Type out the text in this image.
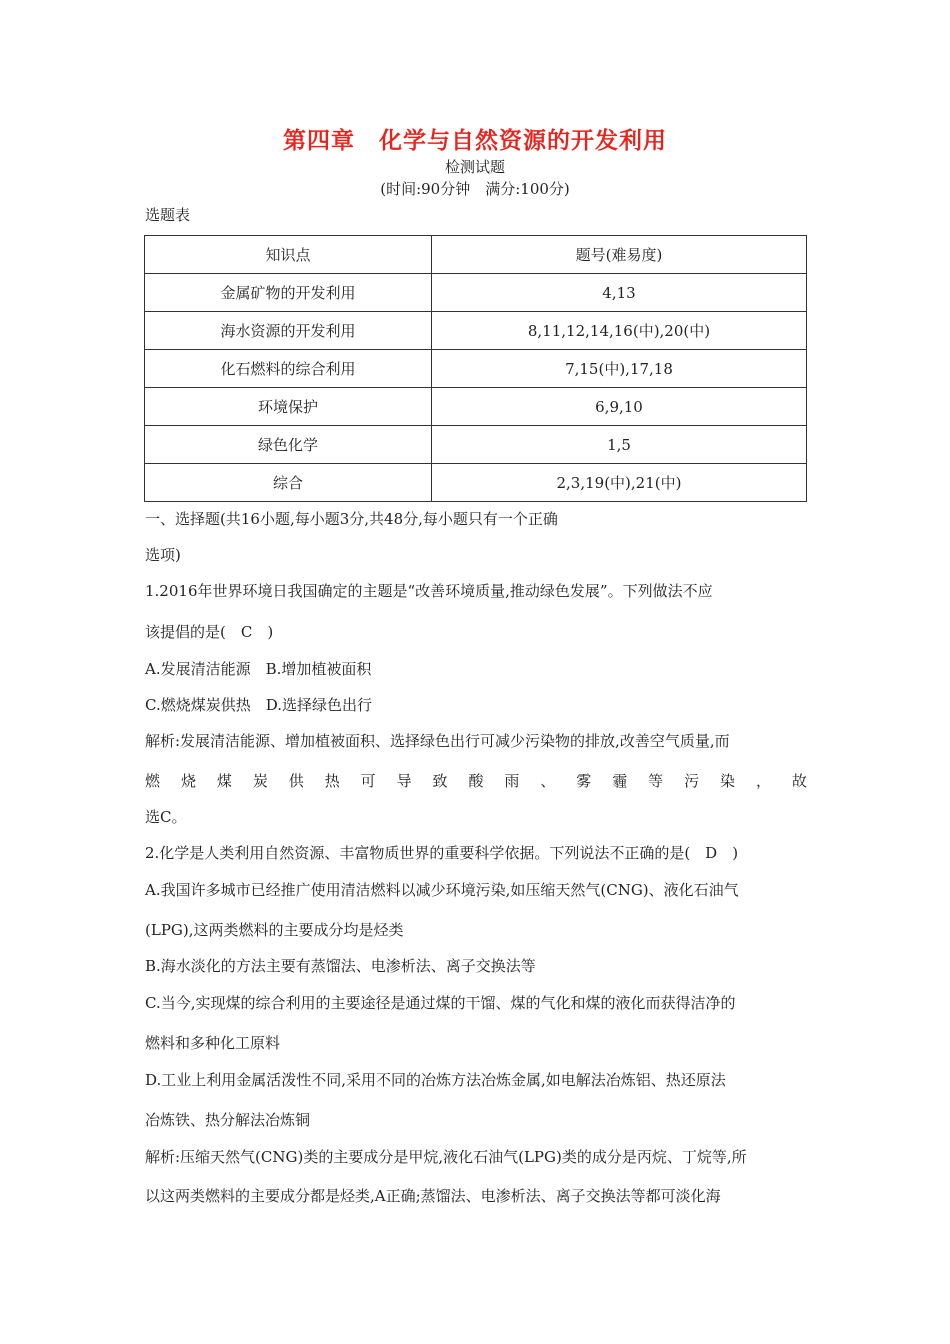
第四章　化学与自然资源的开发利用
检测试题
(时间:90分钟　满分:100分)
选题表
知识点	题号(难易度)
金属矿物的开发利用	4,13
海水资源的开发利用	8,11,12,14,16(中),20(中)
化石燃料的综合利用	7,15(中),17,18
环境保护	6,9,10
绿色化学	1,5
综合	2,3,19(中),21(中)
一、选择题(共16小题,每小题3分,共48分,每小题只有一个正确
选项)
1.2016年世界环境日我国确定的主题是“改善环境质量,推动绿色发展”。下列做法不应
该提倡的是(　C　)
A.发展清洁能源　B.增加植被面积
C.燃烧煤炭供热　D.选择绿色出行
解析:发展清洁能源、增加植被面积、选择绿色出行可减少污染物的排放,改善空气质量,而
燃 烧 煤 炭 供 热 可 导 致 酸 雨 、 雾 霾 等 污 染 ， 故
选C。
2.化学是人类利用自然资源、丰富物质世界的重要科学依据。下列说法不正确的是(　D　)
A.我国许多城市已经推广使用清洁燃料以减少环境污染,如压缩天然气(CNG)、液化石油气
(LPG),这两类燃料的主要成分均是烃类
B.海水淡化的方法主要有蒸馏法、电渗析法、离子交换法等
C.当今,实现煤的综合利用的主要途径是通过煤的干馏、煤的气化和煤的液化而获得洁净的
燃料和多种化工原料
D.工业上利用金属活泼性不同,采用不同的冶炼方法冶炼金属,如电解法冶炼铝、热还原法
冶炼铁、热分解法冶炼铜
解析:压缩天然气(CNG)类的主要成分是甲烷,液化石油气(LPG)类的成分是丙烷、丁烷等,所
以这两类燃料的主要成分都是烃类,A正确;蒸馏法、电渗析法、离子交换法等都可淡化海
